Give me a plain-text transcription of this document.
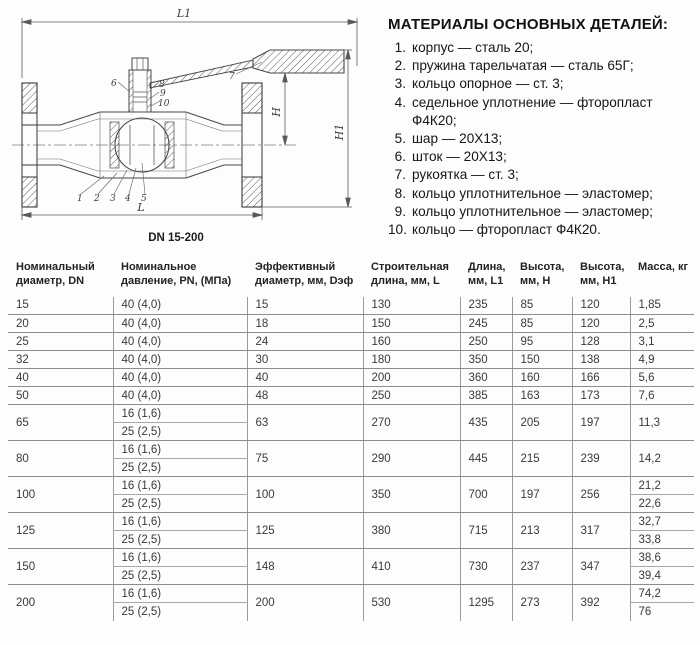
L1
H
H1
L
1 2 3 4 5
6
7
8
9
10
DN 15-200
МАТЕРИАЛЫ ОСНОВНЫХ ДЕТАЛЕЙ:
1. корпус — сталь 20;
2. пружина тарельчатая — сталь 65Г;
3. кольцо опорное — ст. 3;
4. седельное уплотнение — фторопласт Ф4К20;
5. шар — 20Х13;
6. шток — 20Х13;
7. рукоятка — ст. 3;
8. кольцо уплотнительное — эластомер;
9. кольцо уплотнительное — эластомер;
10. кольцо — фторопласт Ф4К20.
Номинальный диаметр, DN	Номинальное давление, PN, (МПа)	Эффективный диаметр, мм, Dэф	Строительная длина, мм, L	Длина, мм, L1	Высота, мм, Н	Высота, мм, Н1	Масса, кг
15	40 (4,0)	15	130	235	85	120	1,85
20	40 (4,0)	18	150	245	85	120	2,5
25	40 (4,0)	24	160	250	95	128	3,1
32	40 (4,0)	30	180	350	150	138	4,9
40	40 (4,0)	40	200	360	160	166	5,6
50	40 (4,0)	48	250	385	163	173	7,6
65	16 (1,6)	63	270	435	205	197	11,3
	25 (2,5)						
80	16 (1,6)	75	290	445	215	239	14,2
	25 (2,5)						
100	16 (1,6)	100	350	700	197	256	21,2
	25 (2,5)						22,6
125	16 (1,6)	125	380	715	213	317	32,7
	25 (2,5)						33,8
150	16 (1,6)	148	410	730	237	347	38,6
	25 (2,5)						39,4
200	16 (1,6)	200	530	1295	273	392	74,2
	25 (2,5)						76
